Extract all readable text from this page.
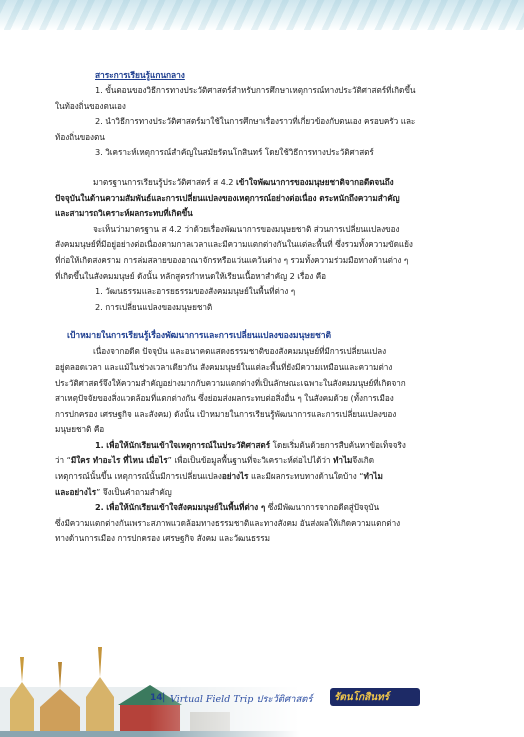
สาระการเรียนรู้แกนกลาง

1. ขั้นตอนของวิธีการทางประวัติศาสตร์สำหรับการศึกษาเหตุการณ์ทางประวัติศาสตร์ที่เกิดขึ้น

ในท้องถิ่นของตนเอง

2. นำวิธีการทางประวัติศาสตร์มาใช้ในการศึกษาเรื่องราวที่เกี่ยวข้องกับตนเอง ครอบครัว และ

ท้องถิ่นของตน

3. วิเคราะห์เหตุการณ์สำคัญในสมัยรัตนโกสินทร์ โดยใช้วิธีการทางประวัติศาสตร์

มาตรฐานการเรียนรู้ประวัติศาสตร์ ส 4.2 เข้าใจพัฒนาการของมนุษยชาติจากอดีตจนถึง

ปัจจุบันในด้านความสัมพันธ์และการเปลี่ยนแปลงของเหตุการณ์อย่างต่อเนื่อง ตระหนักถึงความสำคัญ

และสามารถวิเคราะห์ผลกระทบที่เกิดขึ้น

จะเห็นว่ามาตรฐาน ส 4.2 ว่าด้วยเรื่องพัฒนาการของมนุษยชาติ ส่วนการเปลี่ยนแปลงของ

สังคมมนุษย์ที่มีอยู่อย่างต่อเนื่องตามกาลเวลาและมีความแตกต่างกันในแต่ละพื้นที่ ซึ่งรวมทั้งความขัดแย้ง

ที่ก่อให้เกิดสงคราม การล่มสลายของอาณาจักรหรือแว่นแคว้นต่าง ๆ รวมทั้งความร่วมมือทางด้านต่าง ๆ

ที่เกิดขึ้นในสังคมมนุษย์ ดังนั้น หลักสูตรกำหนดให้เรียนเนื้อหาสำคัญ 2 เรื่อง คือ

1. วัฒนธรรมและอารยธรรมของสังคมมนุษย์ในพื้นที่ต่าง ๆ

2. การเปลี่ยนแปลงของมนุษยชาติ

เป้าหมายในการเรียนรู้เรื่องพัฒนาการและการเปลี่ยนแปลงของมนุษยชาติ

เนื่องจากอดีต ปัจจุบัน และอนาคตแสดงธรรมชาติของสังคมมนุษย์ที่มีการเปลี่ยนแปลง

อยู่ตลอดเวลา และแม้ในช่วงเวลาเดียวกัน สังคมมนุษย์ในแต่ละพื้นที่ยังมีความเหมือนและความต่าง

ประวัติศาสตร์จึงให้ความสำคัญอย่างมากกับความแตกต่างที่เป็นลักษณะเฉพาะในสังคมมนุษย์ที่เกิดจาก

สาเหตุปัจจัยของสิ่งแวดล้อมที่แตกต่างกัน ซึ่งย่อมส่งผลกระทบต่อสิ่งอื่น ๆ ในสังคมด้วย (ทั้งการเมือง

การปกครอง เศรษฐกิจ และสังคม) ดังนั้น เป้าหมายในการเรียนรู้พัฒนาการและการเปลี่ยนแปลงของ

มนุษยชาติ คือ

1. เพื่อให้นักเรียนเข้าใจเหตุการณ์ในประวัติศาสตร์ โดยเริ่มต้นด้วยการสืบค้นหาข้อเท็จจริง

ว่า “มีใคร ทำอะไร ที่ไหน เมื่อไร” เพื่อเป็นข้อมูลพื้นฐานที่จะวิเคราะห์ต่อไปได้ว่า ทำไมจึงเกิด

เหตุการณ์นั้นขึ้น เหตุการณ์นั้นมีการเปลี่ยนแปลงอย่างไร และมีผลกระทบทางด้านใดบ้าง “ทำไม

และอย่างไร” จึงเป็นคำถามสำคัญ

2. เพื่อให้นักเรียนเข้าใจสังคมมนุษย์ในพื้นที่ต่าง ๆ ซึ่งมีพัฒนาการจากอดีตสู่ปัจจุบัน

ซึ่งมีความแตกต่างกันเพราะสภาพแวดล้อมทางธรรมชาติและทางสังคม อันส่งผลให้เกิดความแตกต่าง

ทางด้านการเมือง การปกครอง เศรษฐกิจ สังคม และวัฒนธรรม

14 | Virtual Field Trip ประวัติศาสตร์ รัตนโกสินทร์
